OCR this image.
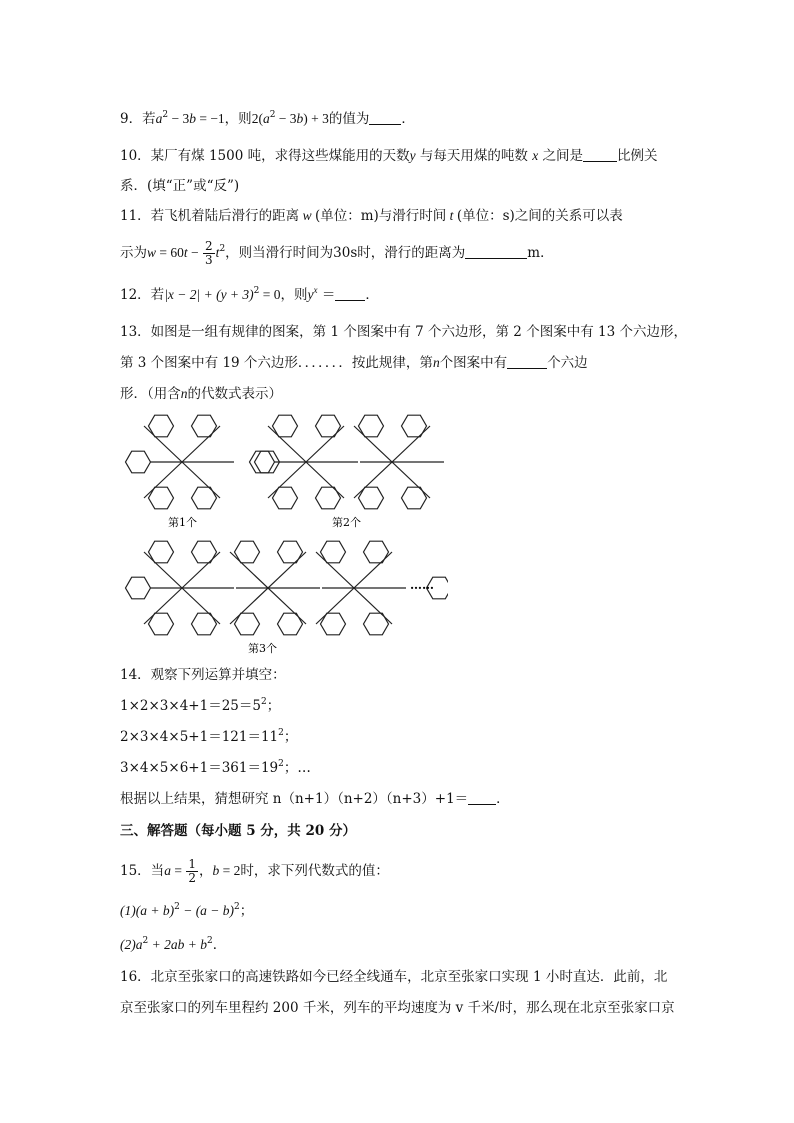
9．若$a^2 - 3b = -1$，则$2(a^2 - 3b) + 3$的值为 ．
10．某厂有煤 1500 吨，求得这些煤能用的天数y 与每天用煤的吨数 x 之间是	比例关
系．(填“正”或“反”)
11．若飞机着陆后滑行的距离 w (单位：m)与滑行时间 t (单位：s)之间的关系可以表
示为$w = 60t - \frac{2}{3} t^2$，则当滑行时间为30s时，滑行的距离为	m．
12．若$|x - 2| + (y + 3)^2 = 0$，则$y^x$ ＝ ．
13．如图是一组有规律的图案，第 1 个图案中有 7 个六边形，第 2 个图案中有 13 个六边形，
第 3 个图案中有 19 个六边形．．．．．．．按此规律，第n个图案中有	个六边
形．（用含n的代数式表示）
第1个	第2个
第3个
……
14．观察下列运算并填空：
$1\times 2\times 3\times 4+1=25=5^2$；
$2\times 3\times 4\times 5+1=121=11^2$；
$3\times 4\times 5\times 6+1=361=19^2$；…
根据以上结果，猜想研究 n（n+1）（n+2）（n+3）+1＝ ．
三、解答题（每小题 5 分，共 20 分）
15．当$a = \frac{1}{2}$ ，b = 2时，求下列代数式的值：
$(1)(a + b)^2 - (a - b)^2$；
$(2)a^2 + 2ab + b^2$．
16．北京至张家口的高速铁路如今已经全线通车，北京至张家口实现 1 小时直达．此前，北
京至张家口的列车里程约 200 千米，列车的平均速度为 v 千米/时，那么现在北京至张家口京
